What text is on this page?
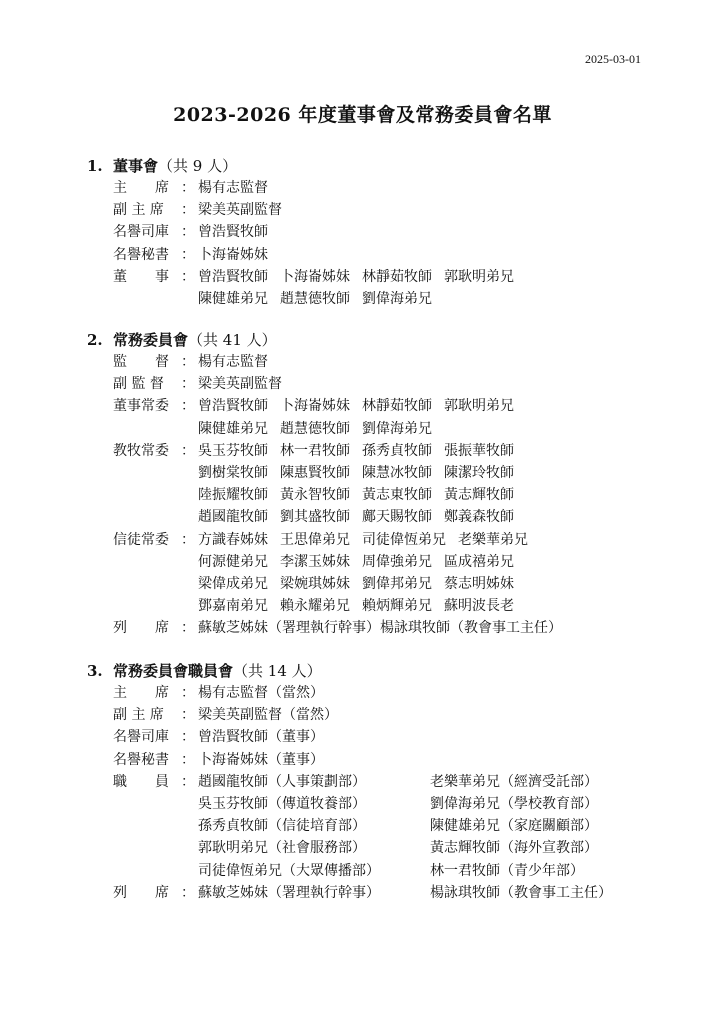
2025-03-01
2023-2026 年度董事會及常務委員會名單
1. 董事會（共 9 人）
主　　席 ： 楊有志監督
副 主 席	： 梁美英副監督
名譽司庫 ： 曾浩賢牧師
名譽秘書 ： 卜海崙姊妹
董　　事 ： 曾浩賢牧師 卜海崙姊妹 林靜茹牧師 郭耿明弟兄
陳健雄弟兄 趙慧德牧師 劉偉海弟兄
2. 常務委員會（共 41 人）
監　　督 ： 楊有志監督
副 監 督	： 梁美英副監督
董事常委 ： 曾浩賢牧師 卜海崙姊妹 林靜茹牧師 郭耿明弟兄
陳健雄弟兄 趙慧德牧師 劉偉海弟兄
教牧常委 ： 吳玉芬牧師 林一君牧師 孫秀貞牧師 張振華牧師
劉樹棠牧師 陳惠賢牧師 陳慧冰牧師 陳潔玲牧師
陸振耀牧師 黃永智牧師 黃志東牧師 黃志輝牧師
趙國龍牧師 劉其盛牧師 鄺天賜牧師 鄭義森牧師
信徒常委 ： 方識春姊妹 王思偉弟兄 司徒偉恆弟兄 老樂華弟兄
何源健弟兄 李潔玉姊妹 周偉強弟兄 區成禧弟兄
梁偉成弟兄 梁婉琪姊妹 劉偉邦弟兄 蔡志明姊妹
鄧嘉南弟兄 賴永耀弟兄 賴炳輝弟兄 蘇明波長老
列　　席 ： 蘇敏芝姊妹（署理執行幹事）楊詠琪牧師（教會事工主任）
3. 常務委員會職員會（共 14 人）
主　　席 ： 楊有志監督（當然）
副 主 席	： 梁美英副監督（當然）
名譽司庫 ： 曾浩賢牧師（董事）
名譽秘書 ： 卜海崙姊妹（董事）
職　　員 ： 趙國龍牧師（人事策劃部）	老樂華弟兄（經濟受託部）
吳玉芬牧師（傳道牧養部）	劉偉海弟兄（學校教育部）
孫秀貞牧師（信徒培育部）	陳健雄弟兄（家庭關顧部）
郭耿明弟兄（社會服務部）	黃志輝牧師（海外宣教部）
司徒偉恆弟兄（大眾傳播部）	林一君牧師（青少年部）
列　　席 ： 蘇敏芝姊妹（署理執行幹事）	楊詠琪牧師（教會事工主任）
